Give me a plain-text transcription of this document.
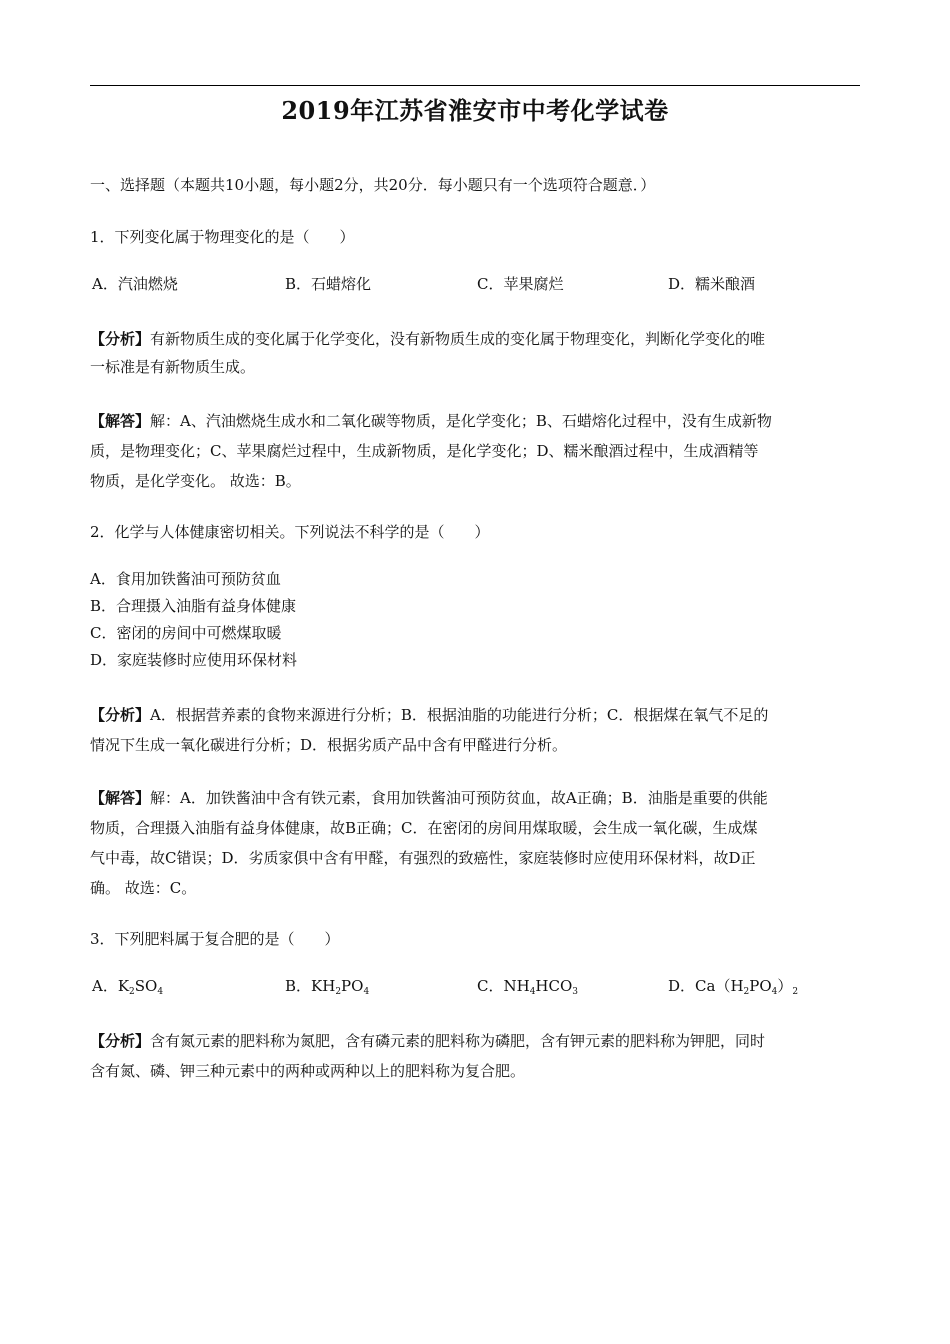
2019年江苏省淮安市中考化学试卷
一、选择题（本题共10小题，每小题2分，共20分．每小题只有一个选项符合题意．）
1．下列变化属于物理变化的是（　　）
A．汽油燃烧	B．石蜡熔化	C．苹果腐烂	D．糯米酿酒
【分析】有新物质生成的变化属于化学变化，没有新物质生成的变化属于物理变化，判断化学变化的唯
一标准是有新物质生成。
【解答】解：A、汽油燃烧生成水和二氧化碳等物质，是化学变化；B、石蜡熔化过程中，没有生成新物
质，是物理变化；C、苹果腐烂过程中，生成新物质，是化学变化；D、糯米酿酒过程中，生成酒精等
物质，是化学变化。 故选：B。
2．化学与人体健康密切相关。下列说法不科学的是（　　）
A．食用加铁酱油可预防贫血
B．合理摄入油脂有益身体健康
C．密闭的房间中可燃煤取暖
D．家庭装修时应使用环保材料
【分析】A．根据营养素的食物来源进行分析；B．根据油脂的功能进行分析；C．根据煤在氧气不足的
情况下生成一氧化碳进行分析；D．根据劣质产品中含有甲醛进行分析。
【解答】解：A．加铁酱油中含有铁元素，食用加铁酱油可预防贫血，故A正确；B．油脂是重要的供能
物质，合理摄入油脂有益身体健康，故B正确；C．在密闭的房间用煤取暖，会生成一氧化碳，生成煤
气中毒，故C错误；D．劣质家俱中含有甲醛，有强烈的致癌性，家庭装修时应使用环保材料，故D正
确。 故选：C。
3．下列肥料属于复合肥的是（　　）
A．$K_2SO_4$	B．$KH_2PO_4$	C．$NH_4HCO_3$	D．$Ca(H_2PO_4)_2$
【分析】含有氮元素的肥料称为氮肥，含有磷元素的肥料称为磷肥，含有钾元素的肥料称为钾肥，同时
含有氮、磷、钾三种元素中的两种或两种以上的肥料称为复合肥。
